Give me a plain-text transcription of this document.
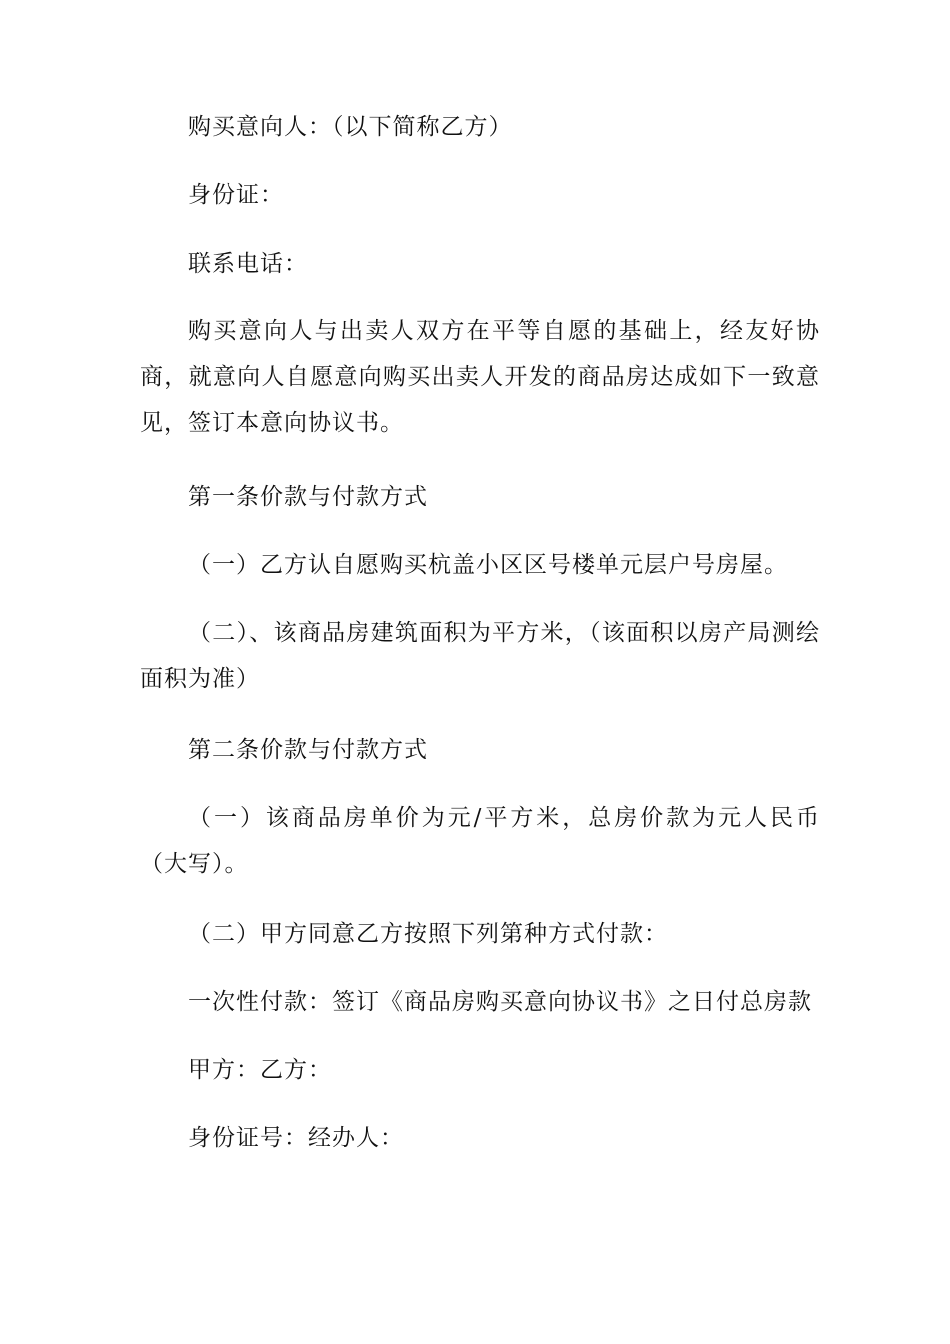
购买意向人：（以下简称乙方）
身份证：
联系电话：
购买意向人与出卖人双方在平等自愿的基础上，经友好协商，就意向人自愿意向购买出卖人开发的商品房达成如下一致意见，签订本意向协议书。
第一条价款与付款方式
（一）乙方认自愿购买杭盖小区区号楼单元层户号房屋。
（二）、该商品房建筑面积为平方米，（该面积以房产局测绘面积为准）
第二条价款与付款方式
（一）该商品房单价为元/平方米，总房价款为元人民币（大写）。
（二）甲方同意乙方按照下列第种方式付款：
一次性付款：签订《商品房购买意向协议书》之日付总房款
甲方：乙方：
身份证号：经办人：
